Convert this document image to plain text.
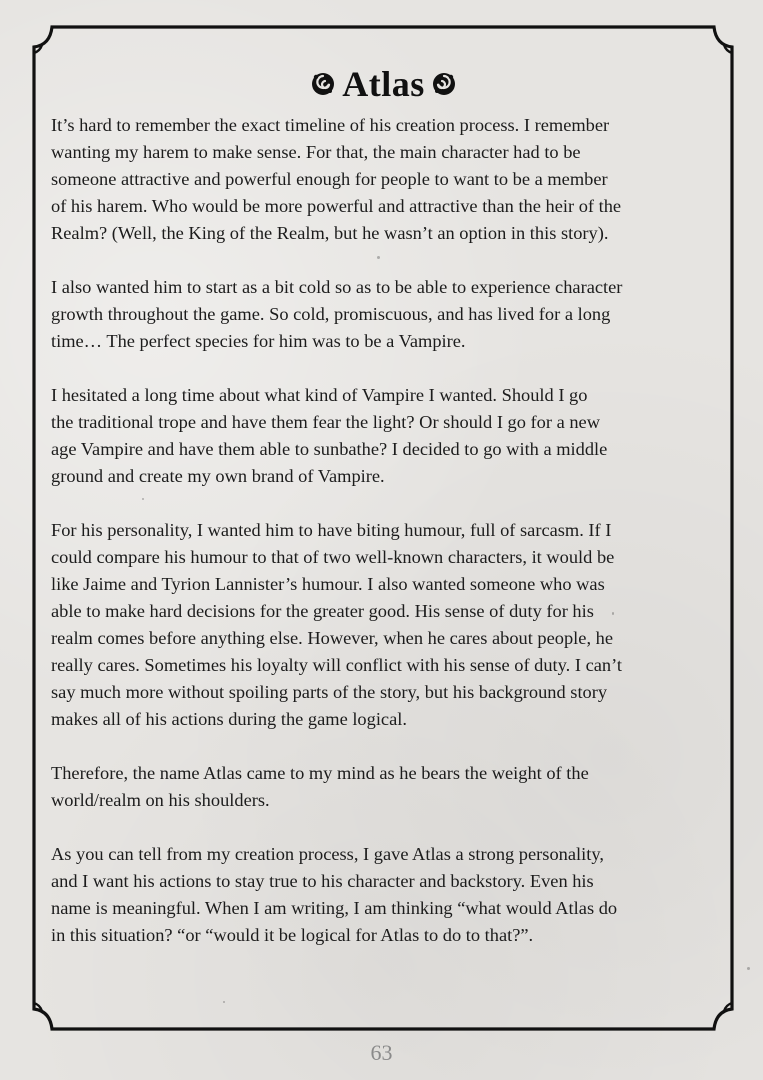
Atlas

It’s hard to remember the exact timeline of his creation process. I remember
wanting my harem to make sense. For that, the main character had to be
someone attractive and powerful enough for people to want to be a member
of his harem. Who would be more powerful and attractive than the heir of the
Realm? (Well, the King of the Realm, but he wasn’t an option in this story).

I also wanted him to start as a bit cold so as to be able to experience character
growth throughout the game. So cold, promiscuous, and has lived for a long
time… The perfect species for him was to be a Vampire.

I hesitated a long time about what kind of Vampire I wanted. Should I go
the traditional trope and have them fear the light? Or should I go for a new
age Vampire and have them able to sunbathe? I decided to go with a middle
ground and create my own brand of Vampire.

For his personality, I wanted him to have biting humour, full of sarcasm. If I
could compare his humour to that of two well-known characters, it would be
like Jaime and Tyrion Lannister’s humour. I also wanted someone who was
able to make hard decisions for the greater good. His sense of duty for his
realm comes before anything else. However, when he cares about people, he
really cares. Sometimes his loyalty will conflict with his sense of duty. I can’t
say much more without spoiling parts of the story, but his background story
makes all of his actions during the game logical.

Therefore, the name Atlas came to my mind as he bears the weight of the
world/realm on his shoulders.

As you can tell from my creation process, I gave Atlas a strong personality,
and I want his actions to stay true to his character and backstory. Even his
name is meaningful. When I am writing, I am thinking “what would Atlas do
in this situation? “or “would it be logical for Atlas to do to that?”.

63
